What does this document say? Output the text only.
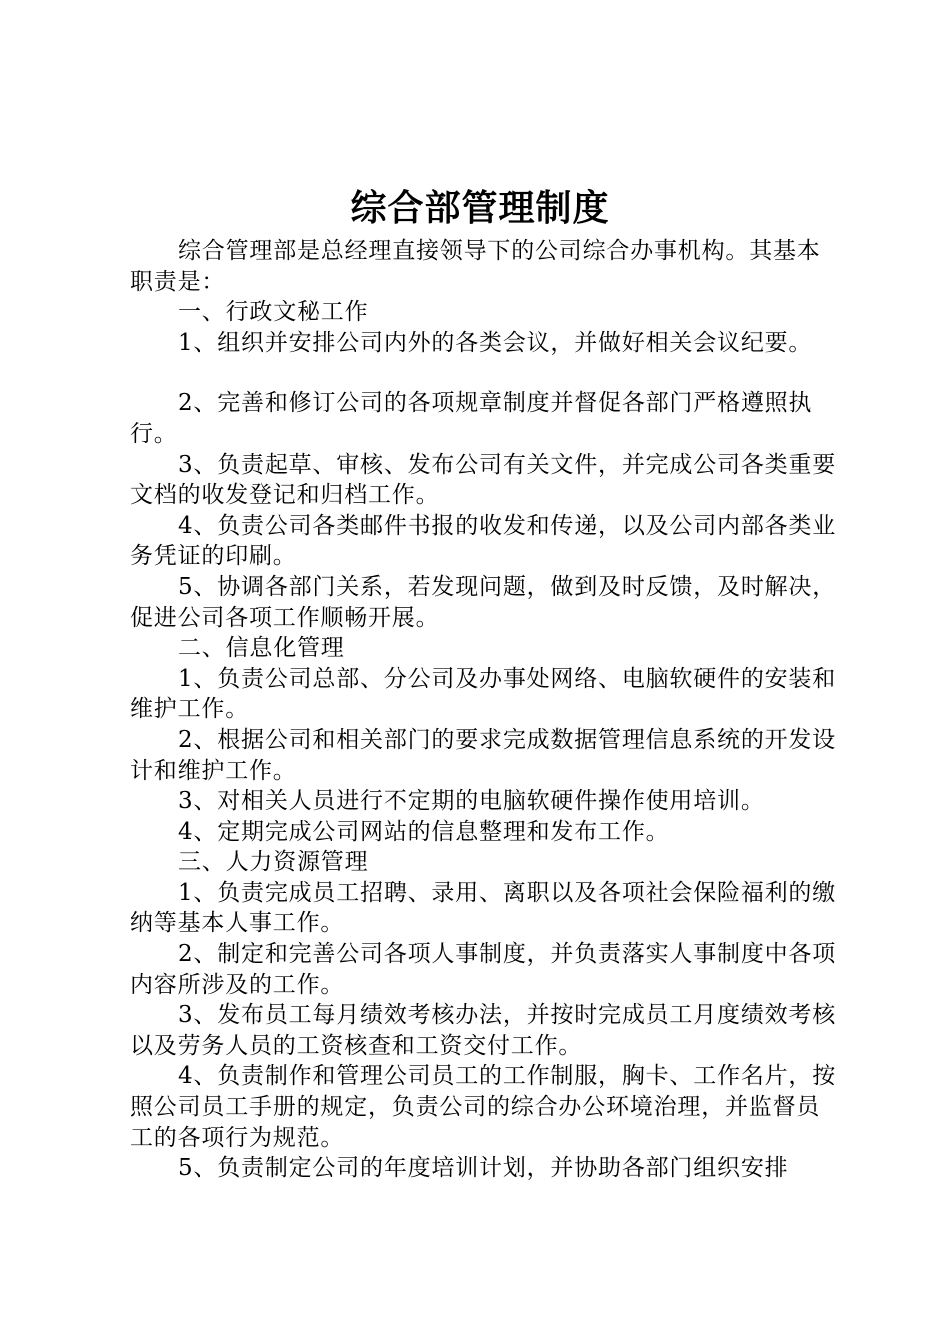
综合部管理制度

综合管理部是总经理直接领导下的公司综合办事机构。其基本职责是：

一、行政文秘工作

1、组织并安排公司内外的各类会议，并做好相关会议纪要。

2、完善和修订公司的各项规章制度并督促各部门严格遵照执行。

3、负责起草、审核、发布公司有关文件，并完成公司各类重要文档的收发登记和归档工作。

4、负责公司各类邮件书报的收发和传递，以及公司内部各类业务凭证的印刷。

5、协调各部门关系，若发现问题，做到及时反馈，及时解决，促进公司各项工作顺畅开展。

二、信息化管理

1、负责公司总部、分公司及办事处网络、电脑软硬件的安装和维护工作。

2、根据公司和相关部门的要求完成数据管理信息系统的开发设计和维护工作。

3、对相关人员进行不定期的电脑软硬件操作使用培训。

4、定期完成公司网站的信息整理和发布工作。

三、人力资源管理

1、负责完成员工招聘、录用、离职以及各项社会保险福利的缴纳等基本人事工作。

2、制定和完善公司各项人事制度，并负责落实人事制度中各项内容所涉及的工作。

3、发布员工每月绩效考核办法，并按时完成员工月度绩效考核以及劳务人员的工资核查和工资交付工作。

4、负责制作和管理公司员工的工作制服，胸卡、工作名片，按照公司员工手册的规定，负责公司的综合办公环境治理，并监督员工的各项行为规范。

5、负责制定公司的年度培训计划，并协助各部门组织安排
